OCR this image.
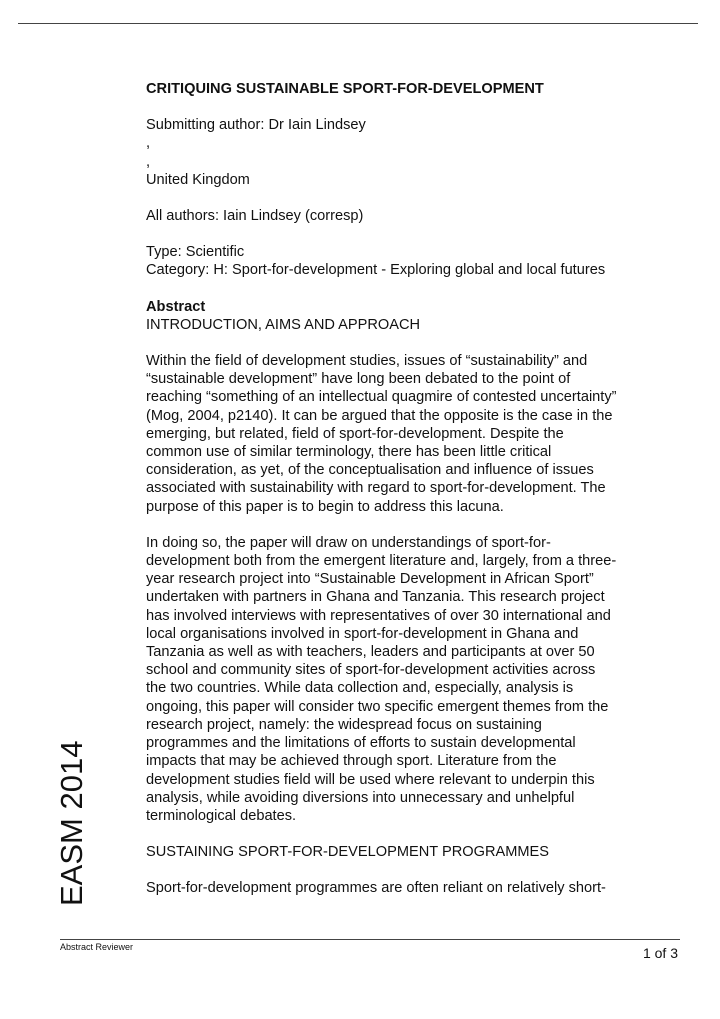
CRITIQUING SUSTAINABLE SPORT-FOR-DEVELOPMENT

Submitting author: Dr Iain Lindsey

,

,

United Kingdom

All authors: Iain Lindsey (corresp)

Type: Scientific

Category: H: Sport-for-development - Exploring global and local futures

Abstract

INTRODUCTION, AIMS AND APPROACH

Within the field of development studies, issues of “sustainability” and

“sustainable development” have long been debated to the point of

reaching “something of an intellectual quagmire of contested uncertainty”

(Mog, 2004, p2140). It can be argued that the opposite is the case in the

emerging, but related, field of sport-for-development. Despite the

common use of similar terminology, there has been little critical

consideration, as yet, of the conceptualisation and influence of issues

associated with sustainability with regard to sport-for-development. The

purpose of this paper is to begin to address this lacuna.

In doing so, the paper will draw on understandings of sport-for-

development both from the emergent literature and, largely, from a three-

year research project into “Sustainable Development in African Sport”

undertaken with partners in Ghana and Tanzania. This research project

has involved interviews with representatives of over 30 international and

local organisations involved in sport-for-development in Ghana and

Tanzania as well as with teachers, leaders and participants at over 50

school and community sites of sport-for-development activities across

the two countries. While data collection and, especially, analysis is

ongoing, this paper will consider two specific emergent themes from the

research project, namely: the widespread focus on sustaining

programmes and the limitations of efforts to sustain developmental

impacts that may be achieved through sport. Literature from the

development studies field will be used where relevant to underpin this

analysis, while avoiding diversions into unnecessary and unhelpful

terminological debates.

SUSTAINING SPORT-FOR-DEVELOPMENT PROGRAMMES

Sport-for-development programmes are often reliant on relatively short-

EASM 2014
Abstract Reviewer	1 of 3
